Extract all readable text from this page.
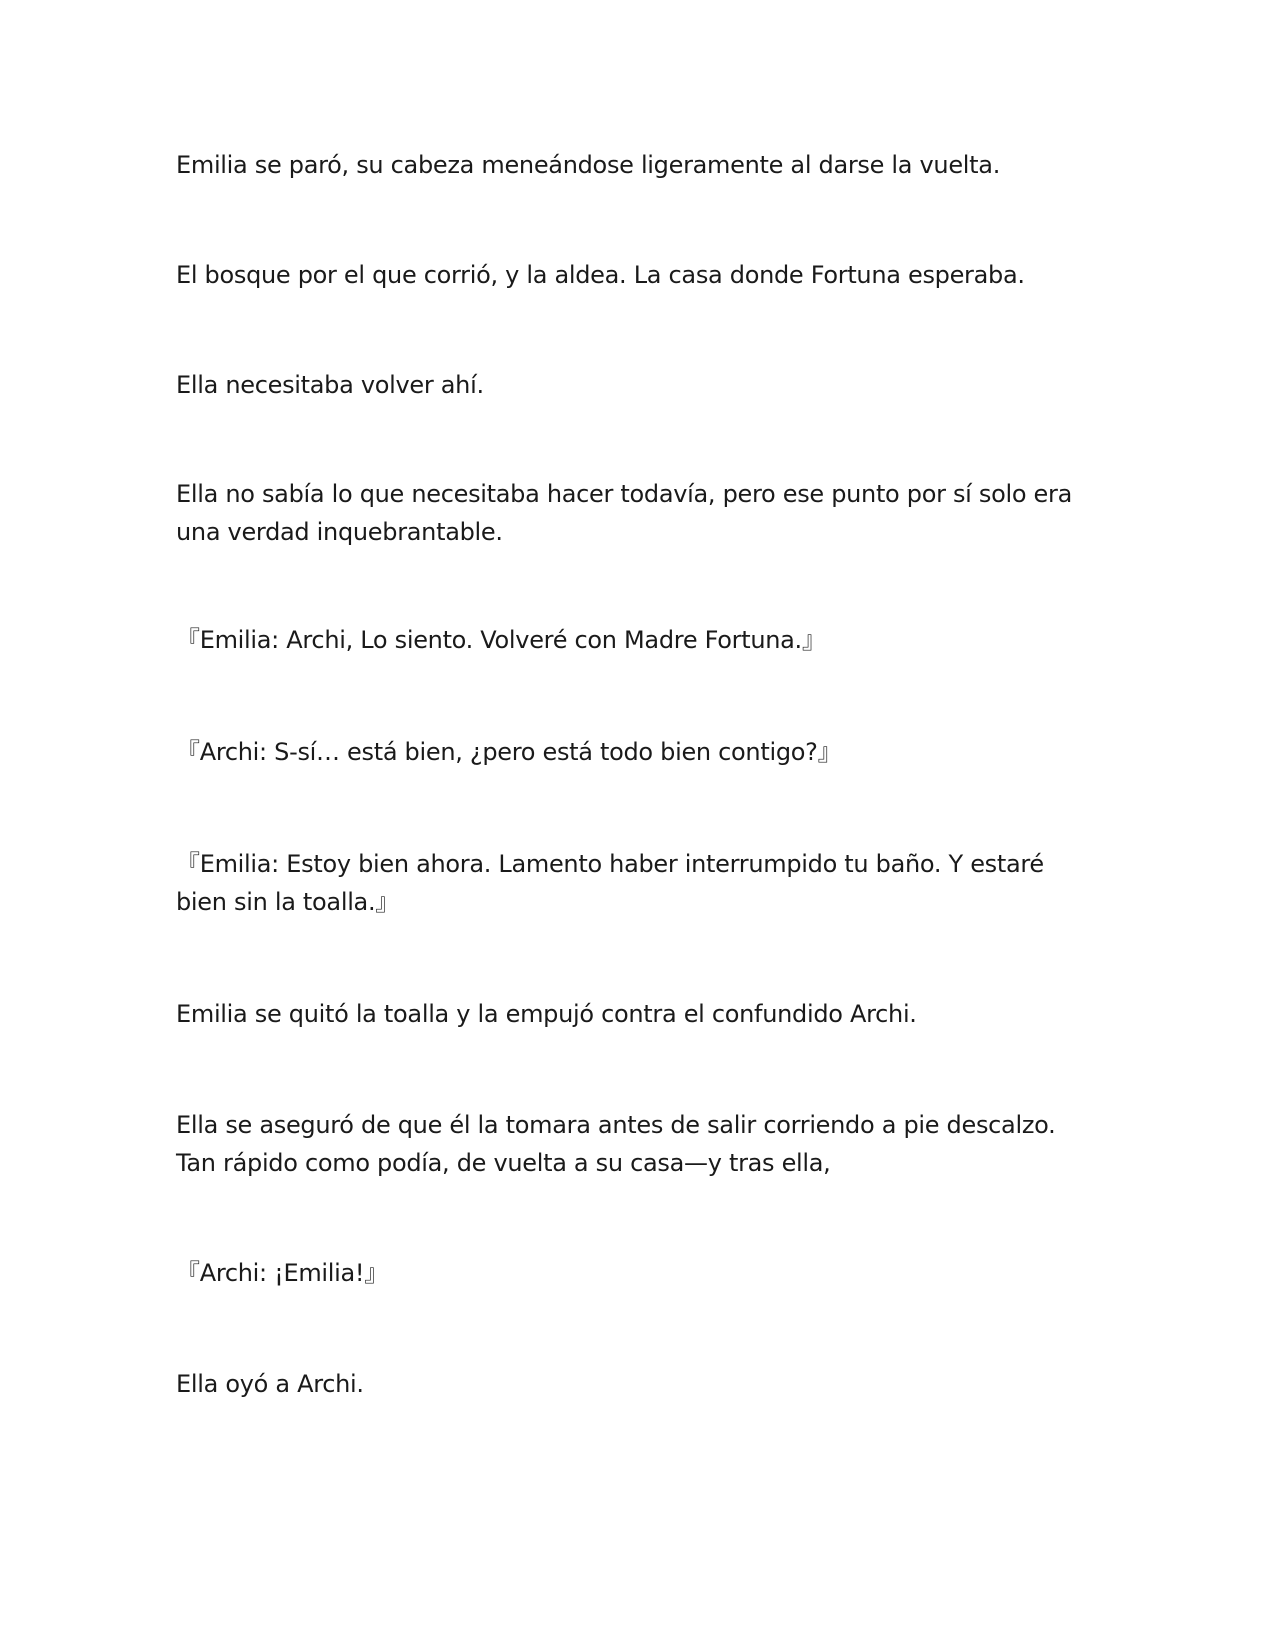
Emilia se paró, su cabeza meneándose ligeramente al darse la vuelta.

El bosque por el que corrió, y la aldea. La casa donde Fortuna esperaba.

Ella necesitaba volver ahí.

Ella no sabía lo que necesitaba hacer todavía, pero ese punto por sí solo era
una verdad inquebrantable.

『Emilia: Archi, Lo siento. Volveré con Madre Fortuna.』

『Archi: S-sí… está bien, ¿pero está todo bien contigo?』

『Emilia: Estoy bien ahora. Lamento haber interrumpido tu baño. Y estaré
bien sin la toalla.』

Emilia se quitó la toalla y la empujó contra el confundido Archi.

Ella se aseguró de que él la tomara antes de salir corriendo a pie descalzo.
Tan rápido como podía, de vuelta a su casa—y tras ella,

『Archi: ¡Emilia!』

Ella oyó a Archi.
